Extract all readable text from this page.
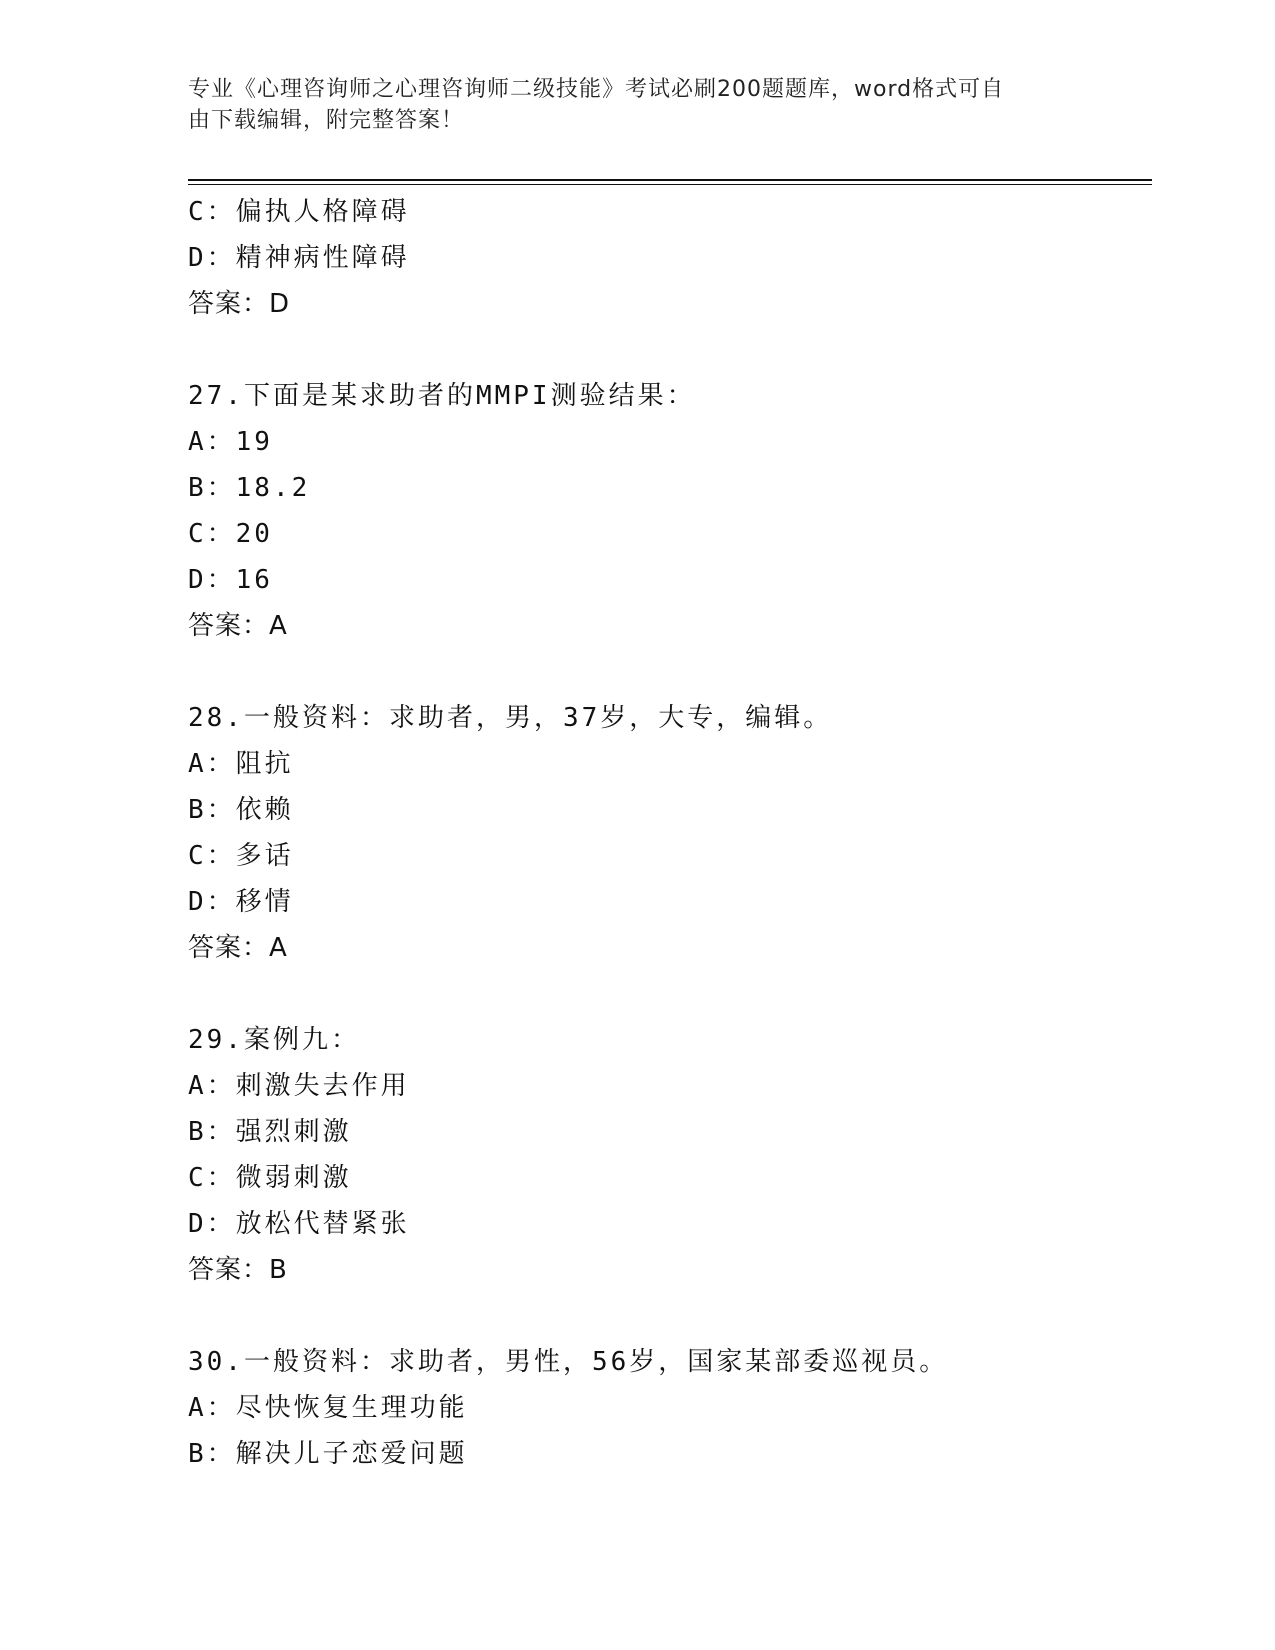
专业《心理咨询师之心理咨询师二级技能》考试必刷200题题库，word格式可自
由下载编辑，附完整答案！
C：偏执人格障碍
D：精神病性障碍
答案：D
27.下面是某求助者的MMPI测验结果：
A：19
B：18.2
C：20
D：16
答案：A
28.一般资料：求助者，男，37岁，大专，编辑。
A：阻抗
B：依赖
C：多话
D：移情
答案：A
29.案例九：
A：刺激失去作用
B：强烈刺激
C：微弱刺激
D：放松代替紧张
答案：B
30.一般资料：求助者，男性，56岁，国家某部委巡视员。
A：尽快恢复生理功能
B：解决儿子恋爱问题
